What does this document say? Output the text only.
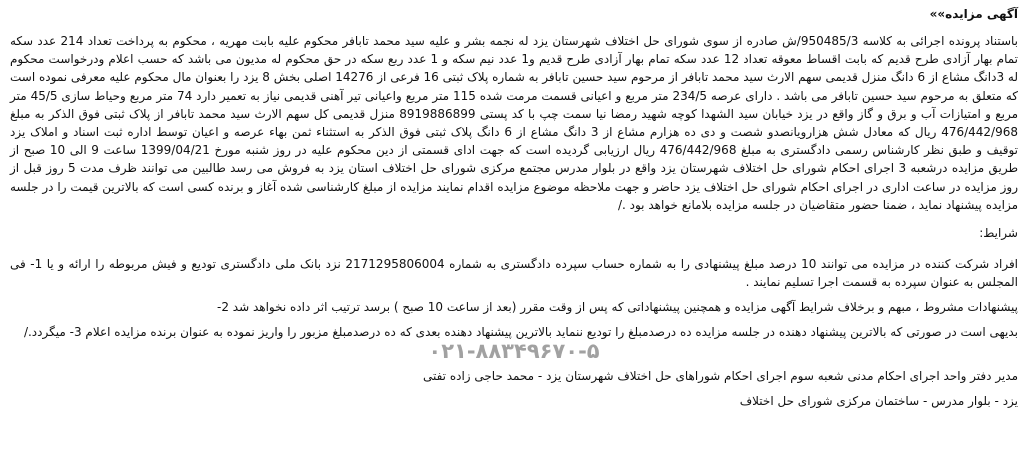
آگهی مزایده»»

باستناد پرونده اجرائی به کلاسه 950485/3/ش صادره از سوی شورای حل اختلاف شهرستان یزد له نجمه بشر و علیه سید محمد تابافر محکوم علیه بابت مهریه ، محکوم به پرداخت تعداد 214 عدد سکه تمام بهار آزادی طرح قدیم که بابت اقساط معوقه تعداد 12 عدد سکه تمام بهار آزادی طرح قدیم و1 عدد نیم سکه و 1 عدد ربع سکه در حق محکوم له مدیون می باشد که حسب اعلام ودرخواست محکوم له 3دانگ مشاع از 6 دانگ منزل قدیمی سهم الارث سید محمد تابافر از مرحوم سید حسین تابافر به شماره پلاک ثبتی 16 فرعی از 14276 اصلی بخش 8 یزد را بعنوان مال محکوم علیه معرفی نموده است که متعلق به مرحوم سید حسین تابافر می باشد . دارای عرصه 234/5 متر مربع و اعیانی قسمت مرمت شده 115 متر مربع واعیانی تیر آهنی قدیمی نیاز به تعمیر دارد 74 متر مربع وحیاط سازی 45/5 متر مربع و امتیازات آب و برق و گاز واقع در یزد خیابان سید الشهدا کوچه شهید رمضا نیا سمت چپ با کد پستی 8919886899 منزل قدیمی کل سهم الارث سید محمد تابافر از پلاک ثبتی فوق الذکر به مبلغ 476/442/968 ریال که معادل شش هزارویانصدو شصت و دی ده هزارم مشاع از 3 دانگ مشاع از 6 دانگ پلاک ثبتی فوق الذکر به استثناء ثمن بهاء عرصه و اعیان توسط اداره ثبت اسناد و املاک یزد توقیف و طبق نظر کارشناس رسمی دادگستری به مبلغ 476/442/968 ریال ارزیابی گردیده است که جهت ادای قسمتی از دین محکوم علیه در روز شنبه مورخ 1399/04/21 ساعت 9 الی 10 صبح از طریق مزایده درشعبه 3 اجرای احکام شورای حل اختلاف شهرستان یزد واقع در بلوار مدرس مجتمع مرکزی شورای حل اختلاف استان یزد به فروش می رسد طالبین می توانند ظرف مدت 5 روز قبل از روز مزایده در ساعت اداری در اجرای احکام شورای حل اختلاف یزد حاضر و جهت ملاحظه موضوع مزایده اقدام نمایند مزایده از مبلغ کارشناسی شده آغاز و برنده کسی است که بالاترین قیمت را در جلسه مزایده پیشنهاد نماید ، ضمنا حضور متقاضیان در جلسه مزایده بلامانع خواهد بود ./

شرایط:

افراد شرکت کننده در مزایده می توانند 10 درصد مبلغ پیشنهادی را به شماره حساب سپرده دادگستری به شماره 2171295806004 نزد بانک ملی دادگستری تودیع و فیش مربوطه را ارائه و یا 1- فی المجلس به عنوان سپرده به قسمت اجرا تسلیم نمایند .

پیشنهادات مشروط ، مبهم و برخلاف شرایط آگهی مزایده و همچنین پیشنهاداتی که پس از وقت مقرر (بعد از ساعت 10 صبح ) برسد ترتیب اثر داده نخواهد شد 2-

بدیهی است در صورتی که بالاترین پیشنهاد دهنده در جلسه مزایده ده درصدمبلغ را تودیع ننماید بالاترین پیشنهاد دهنده بعدی که ده درصدمبلغ مزبور را واریز نموده به عنوان برنده مزایده اعلام 3- میگردد./

۰۲۱-۸۸۳۴۹۶۷۰-۵
مدیر دفتر واحد اجرای احکام مدنی شعبه سوم اجرای احکام شوراهای حل اختلاف شهرستان یزد - محمد حاجی زاده تفتی
یزد - بلوار مدرس - ساختمان مرکزی شورای حل اختلاف
